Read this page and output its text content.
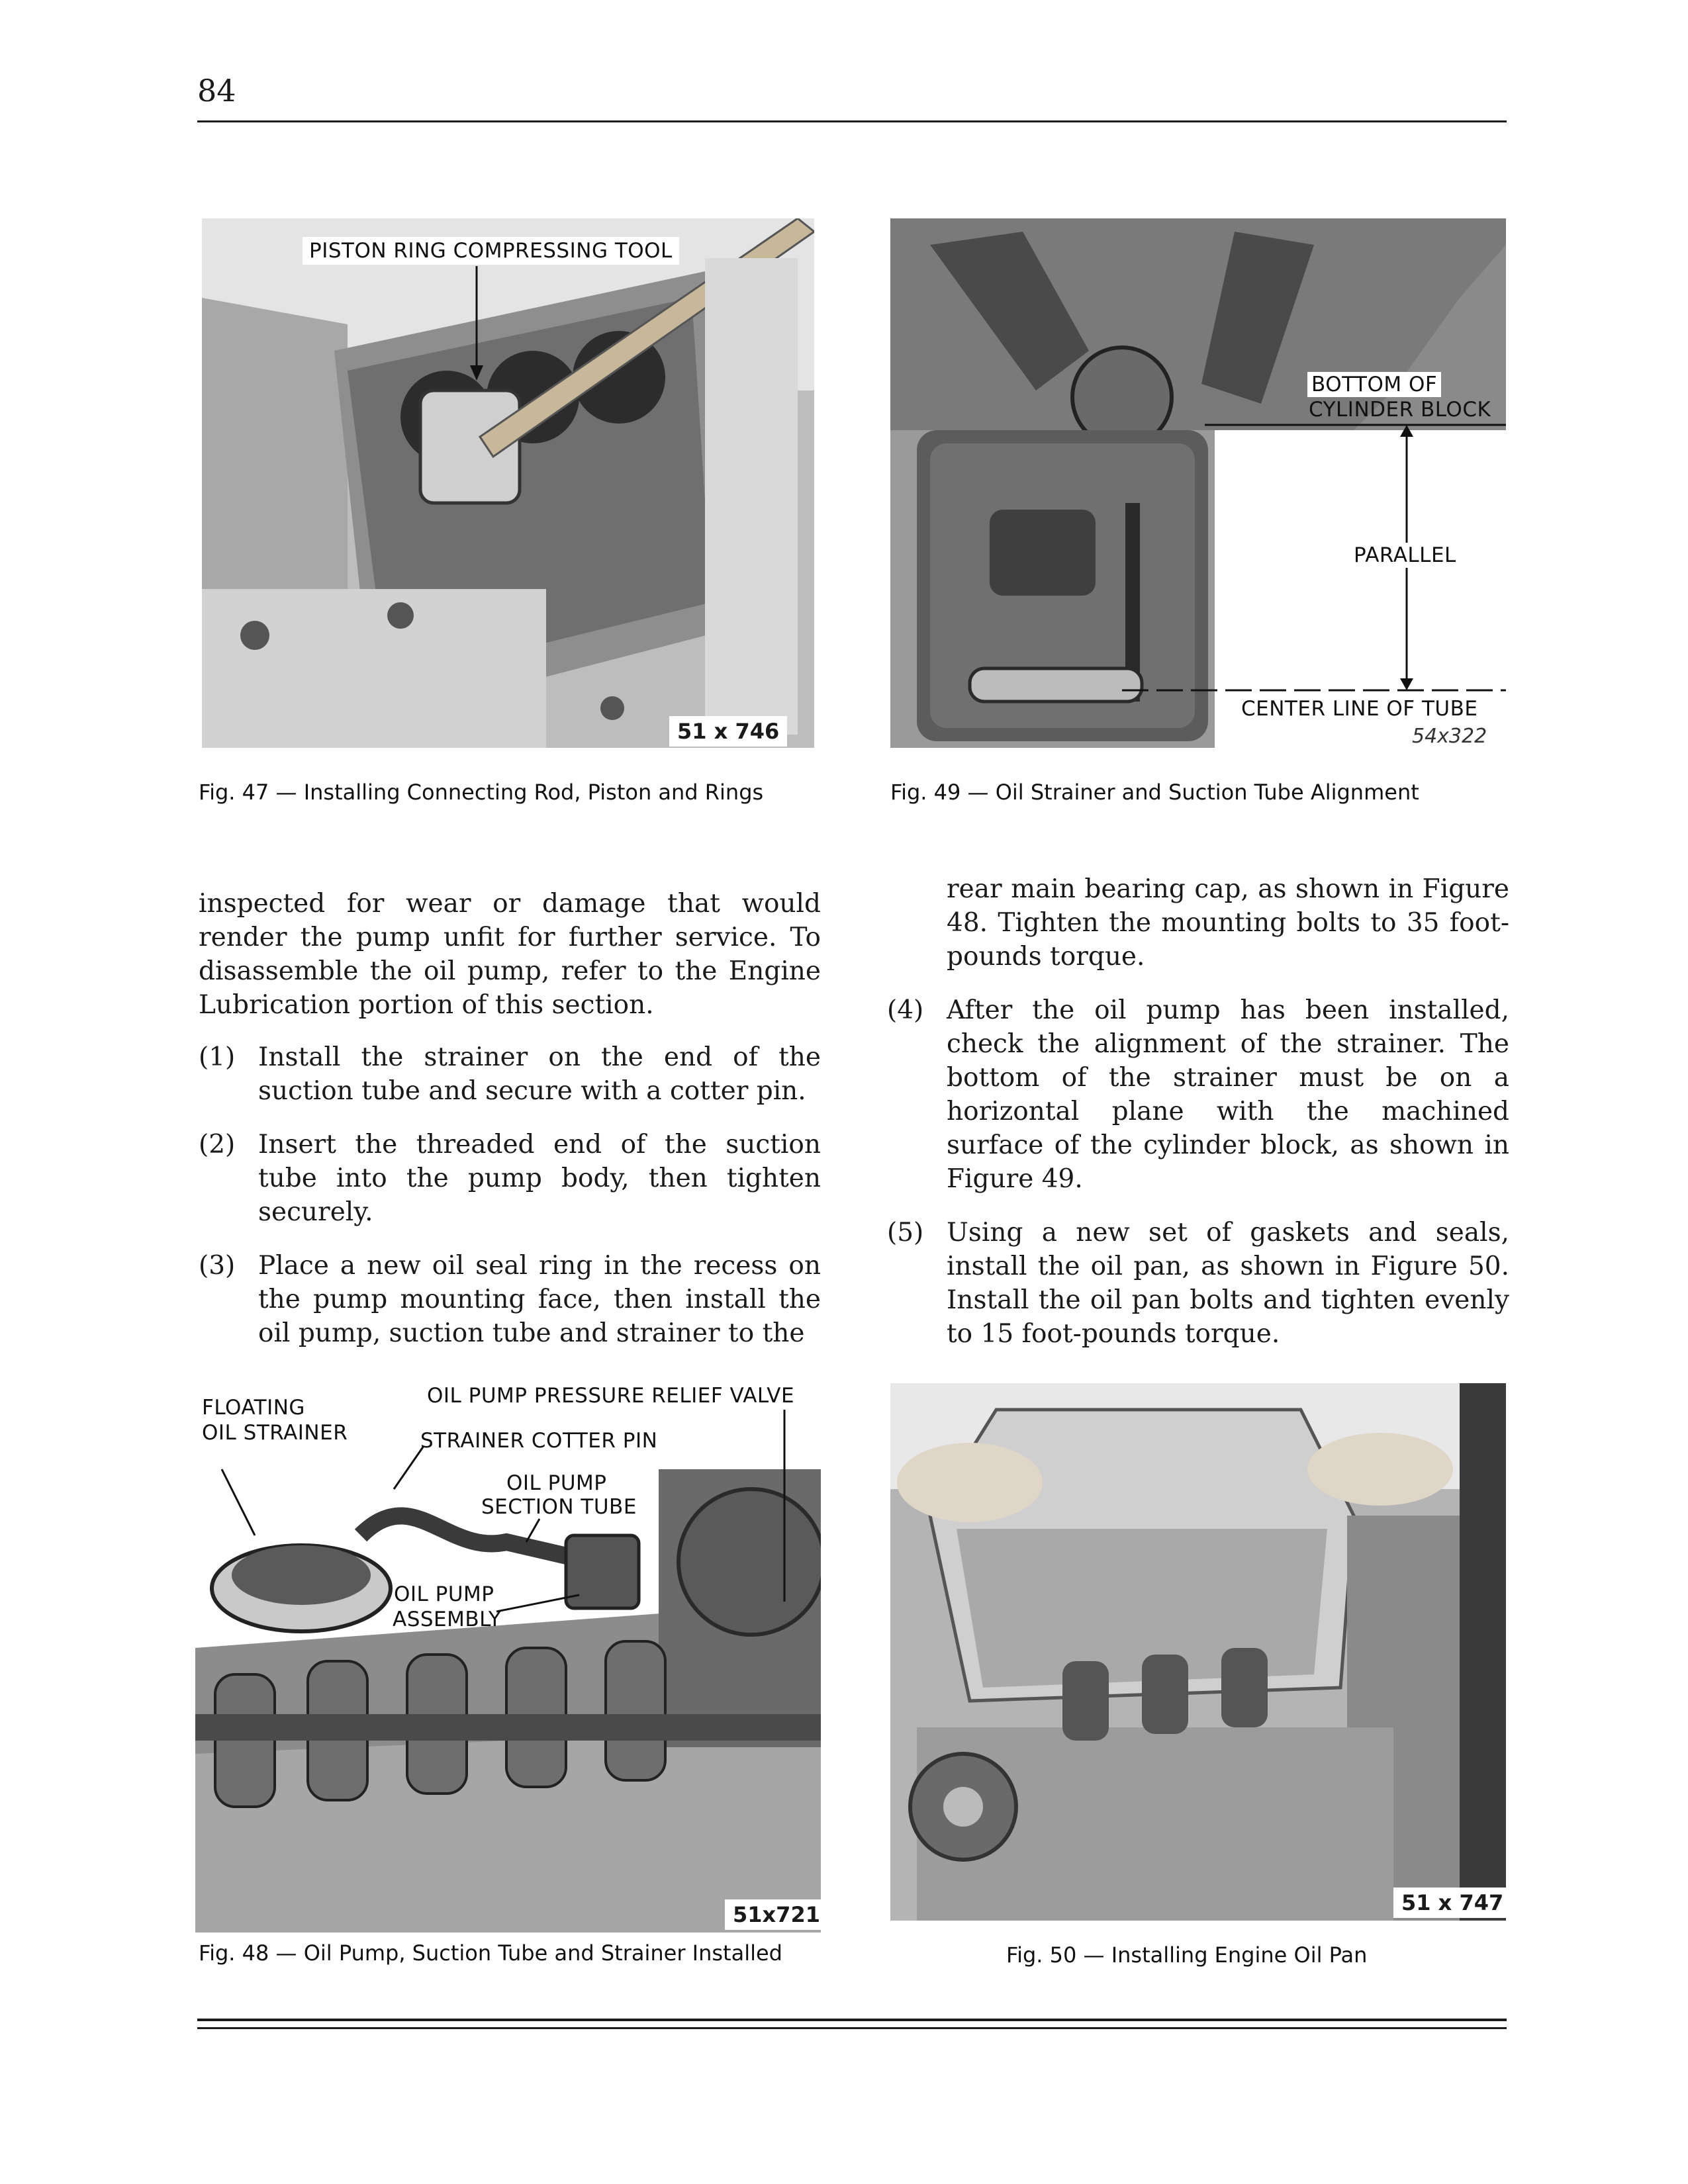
84
PISTON RING COMPRESSING TOOL
51 x 746
Fig. 47 — Installing Connecting Rod, Piston and Rings
BOTTOM OF
CYLINDER BLOCK
PARALLEL
CENTER LINE OF TUBE
54x322
Fig. 49 — Oil Strainer and Suction Tube Alignment

inspected for wear or damage that would render the pump unfit for further service. To disassemble the oil pump, refer to the Engine Lubrication portion of this section.

(1) Install the strainer on the end of the suction tube and secure with a cotter pin.
(2) Insert the threaded end of the suction tube into the pump body, then tighten securely.
(3) Place a new oil seal ring in the recess on the pump mounting face, then install the oil pump, suction tube and strainer to the
rear main bearing cap, as shown in Figure 48. Tighten the mounting bolts to 35 foot-pounds torque.
(4) After the oil pump has been installed, check the alignment of the strainer. The bottom of the strainer must be on a horizontal plane with the machined surface of the cylinder block, as shown in Figure 49.
(5) Using a new set of gaskets and seals, install the oil pan, as shown in Figure 50. Install the oil pan bolts and tighten evenly to 15 foot-pounds torque.
FLOATING
OIL STRAINER
OIL PUMP PRESSURE RELIEF VALVE
STRAINER COTTER PIN
OIL PUMP
SECTION TUBE
OIL PUMP
ASSEMBLY
51x721
Fig. 48 — Oil Pump, Suction Tube and Strainer Installed
51 x 747
Fig. 50 — Installing Engine Oil Pan
